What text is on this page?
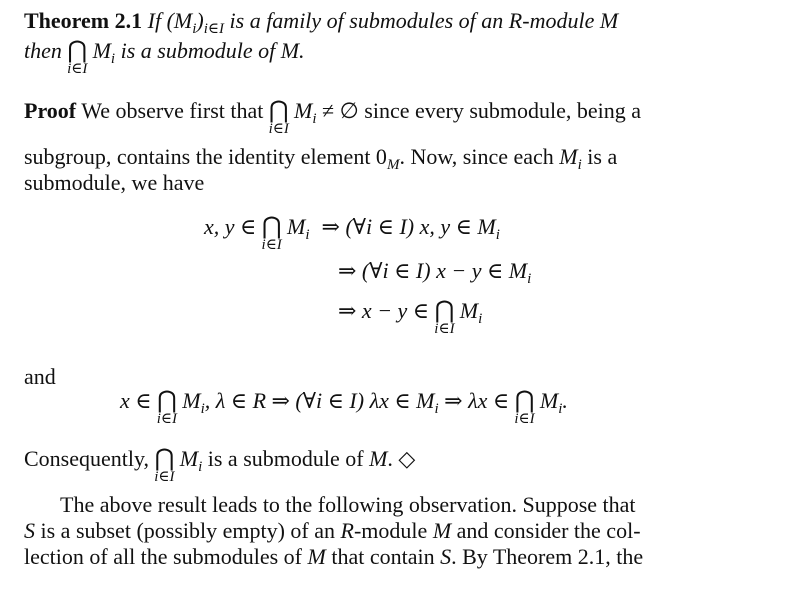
Theorem 2.1 If $(M_i)_{i\in I}$ is a family of submodules of an R-module M
then ⋂
i∈I
$M_i$ is a submodule of M.
Proof We observe first that ⋂
i∈I
$M_i$ ≠ ∅ since every submodule, being a
subgroup, contains the identity element $0_M$. Now, since each $M_i$ is a
submodule, we have
x, y ∈ ⋂
i∈I
$M_i$ ⇒ (∀i ∈ I) x, y ∈ $M_i$
⇒ (∀i ∈ I) x − y ∈ $M_i$
⇒ x − y ∈ ⋂
i∈I
$M_i$
and
x ∈ ⋂
i∈I
$M_i$, λ ∈ R ⇒ (∀i ∈ I) λx ∈ $M_i$ ⇒ λx ∈ ⋂
i∈I
$M_i$.
Consequently, ⋂
i∈I
$M_i$ is a submodule of M. ◇
The above result leads to the following observation. Suppose that
S is a subset (possibly empty) of an R-module M and consider the col-
lection of all the submodules of M that contain S. By Theorem 2.1, the
